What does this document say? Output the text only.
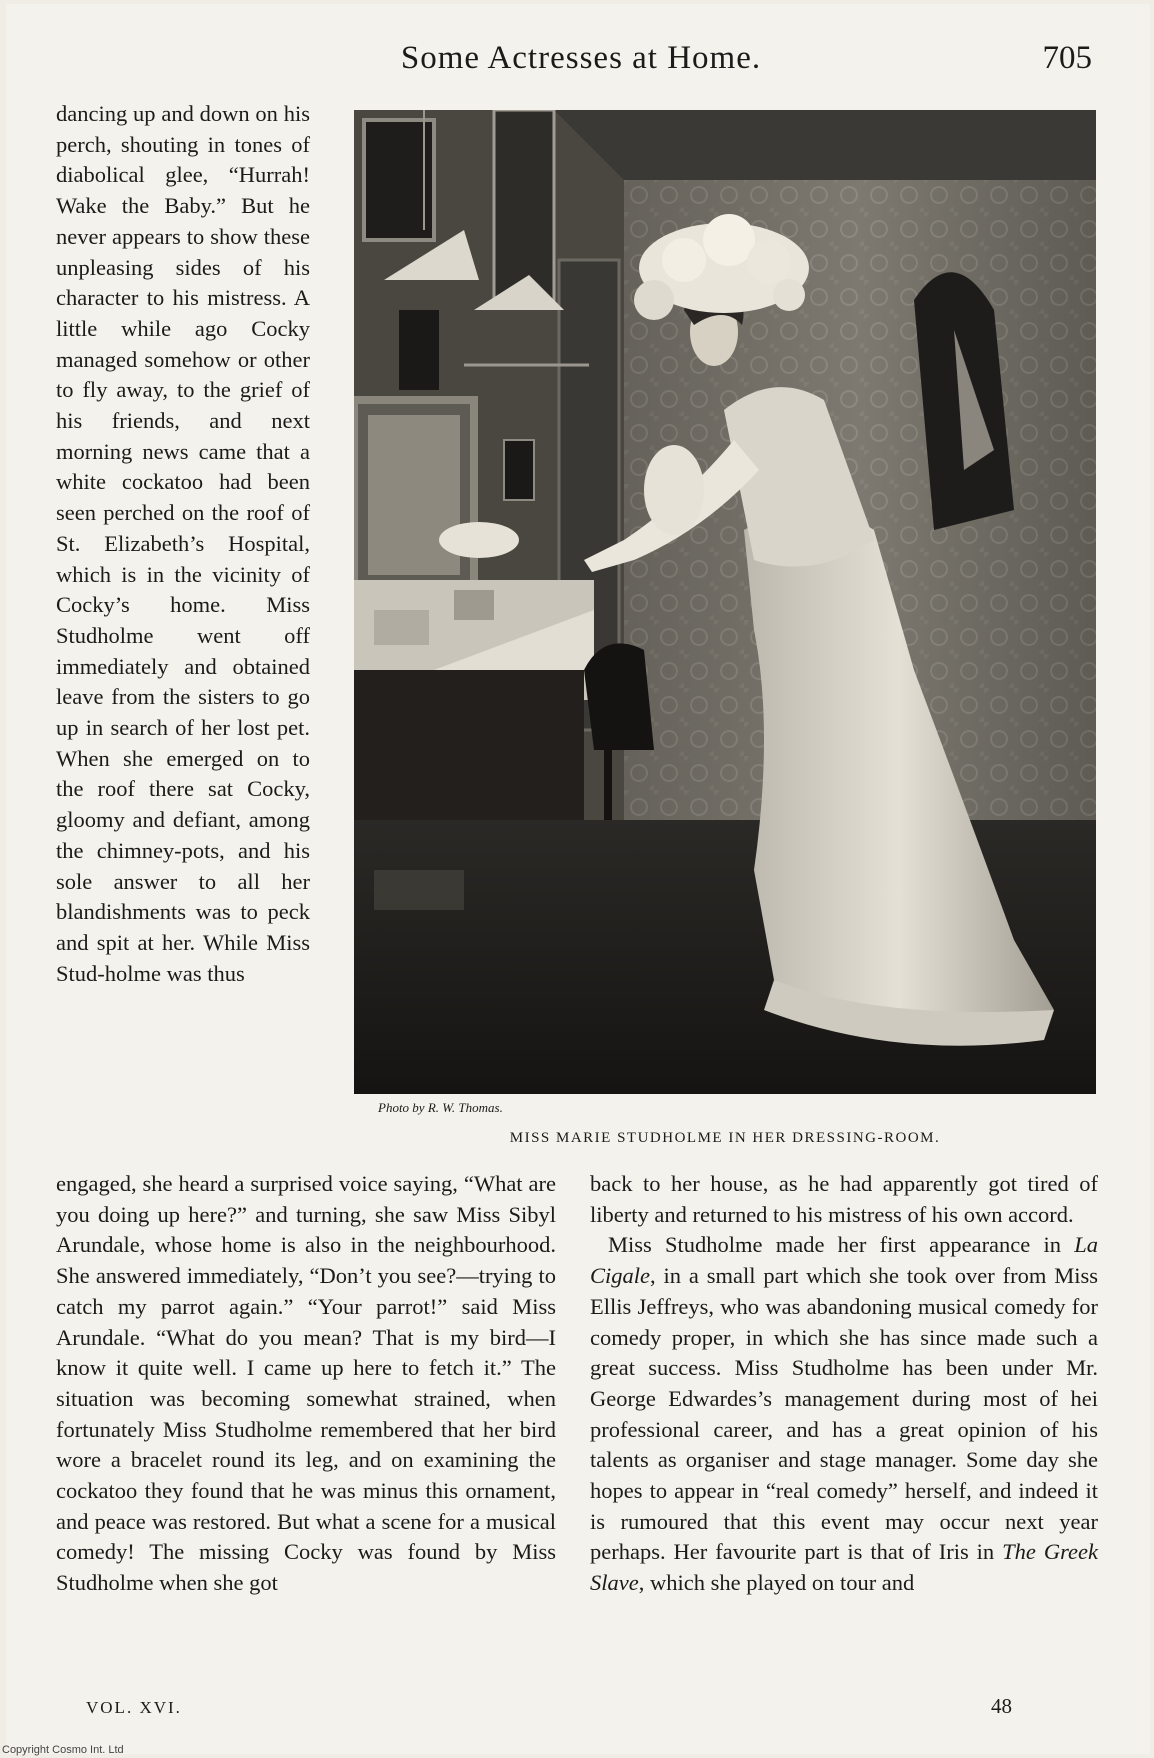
Some Actresses at Home.	705

dancing up and down on his perch, shouting in tones of diabolical glee, “Hurrah! Wake the Baby.” But he never appears to show these unpleasing sides of his character to his mistress. A little while ago Cocky managed somehow or other to fly away, to the grief of his friends, and next morning news came that a white cockatoo had been seen perched on the roof of St. Elizabeth’s Hospital, which is in the vicinity of Cocky’s home. Miss Studholme went off immediately and obtained leave from the sisters to go up in search of her lost pet. When she emerged on to the roof there sat Cocky, gloomy and defiant, among the chimney-pots, and his sole answer to all her blandishments was to peck and spit at her. While Miss Stud-holme was thus

Photo by R. W. Thomas.
MISS MARIE STUDHOLME IN HER DRESSING-ROOM.

engaged, she heard a surprised voice saying, “What are you doing up here?” and turning, she saw Miss Sibyl Arundale, whose home is also in the neighbourhood. She answered immediately, “Don’t you see?—trying to catch my parrot again.” “Your parrot!” said Miss Arundale. “What do you mean? That is my bird—I know it quite well. I came up here to fetch it.” The situation was becoming somewhat strained, when fortunately Miss Studholme remembered that her bird wore a bracelet round its leg, and on examining the cockatoo they found that he was minus this ornament, and peace was restored. But what a scene for a musical comedy! The missing Cocky was found by Miss Studholme when she got

back to her house, as he had apparently got tired of liberty and returned to his mistress of his own accord.

Miss Studholme made her first appearance in La Cigale, in a small part which she took over from Miss Ellis Jeffreys, who was abandoning musical comedy for comedy proper, in which she has since made such a great success. Miss Studholme has been under Mr. George Edwardes’s management during most of hei professional career, and has a great opinion of his talents as organiser and stage manager. Some day she hopes to appear in “real comedy” herself, and indeed it is rumoured that this event may occur next year perhaps. Her favourite part is that of Iris in The Greek Slave, which she played on tour and

VOL. XVI.	48
Copyright Cosmo Int. Ltd
